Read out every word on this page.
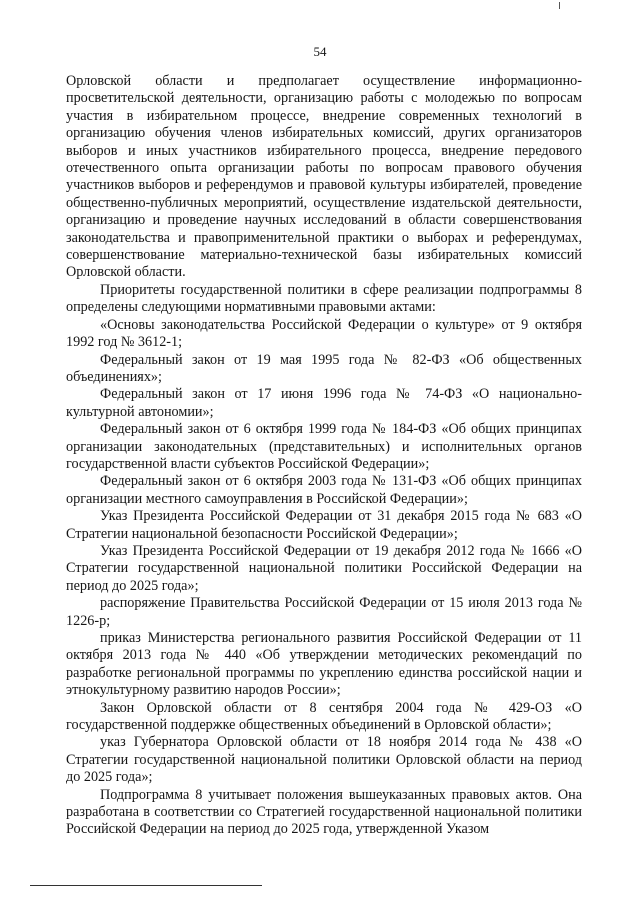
54

Орловской области и предполагает осуществление информационно-просветительской деятельности, организацию работы с молодежью по вопросам участия в избирательном процессе, внедрение современных технологий в организацию обучения членов избирательных комиссий, других организаторов выборов и иных участников избирательного процесса, внедрение передового отечественного опыта организации работы по вопросам правового обучения участников выборов и референдумов и правовой культуры избирателей, проведение общественно-публичных мероприятий, осуществление издательской деятельности, организацию и проведение научных исследований в области совершенствования законодательства и правоприменительной практики о выборах и референдумах, совершенствование материально-технической базы избирательных комиссий Орловской области.

Приоритеты государственной политики в сфере реализации подпрограммы 8 определены следующими нормативными правовыми актами:

«Основы законодательства Российской Федерации о культуре» от 9 октября 1992 год № 3612-1;

Федеральный закон от 19 мая 1995 года № 82-ФЗ «Об общественных объединениях»;

Федеральный закон от 17 июня 1996 года № 74-ФЗ «О национально-культурной автономии»;

Федеральный закон от 6 октября 1999 года № 184-ФЗ «Об общих принципах организации законодательных (представительных) и исполнительных органов государственной власти субъектов Российской Федерации»;

Федеральный закон от 6 октября 2003 года № 131-ФЗ «Об общих принципах организации местного самоуправления в Российской Федерации»;

Указ Президента Российской Федерации от 31 декабря 2015 года № 683 «О Стратегии национальной безопасности Российской Федерации»;

Указ Президента Российской Федерации от 19 декабря 2012 года № 1666 «О Стратегии государственной национальной политики Российской Федерации на период до 2025 года»;

распоряжение Правительства Российской Федерации от 15 июля 2013 года № 1226-р;

приказ Министерства регионального развития Российской Федерации от 11 октября 2013 года № 440 «Об утверждении методических рекомендаций по разработке региональной программы по укреплению единства российской нации и этнокультурному развитию народов России»;

Закон Орловской области от 8 сентября 2004 года № 429-ОЗ «О государственной поддержке общественных объединений в Орловской области»;

указ Губернатора Орловской области от 18 ноября 2014 года № 438 «О Стратегии государственной национальной политики Орловской области на период до 2025 года»;

Подпрограмма 8 учитывает положения вышеуказанных правовых актов. Она разработана в соответствии со Стратегией государственной национальной политики Российской Федерации на период до 2025 года, утвержденной Указом
